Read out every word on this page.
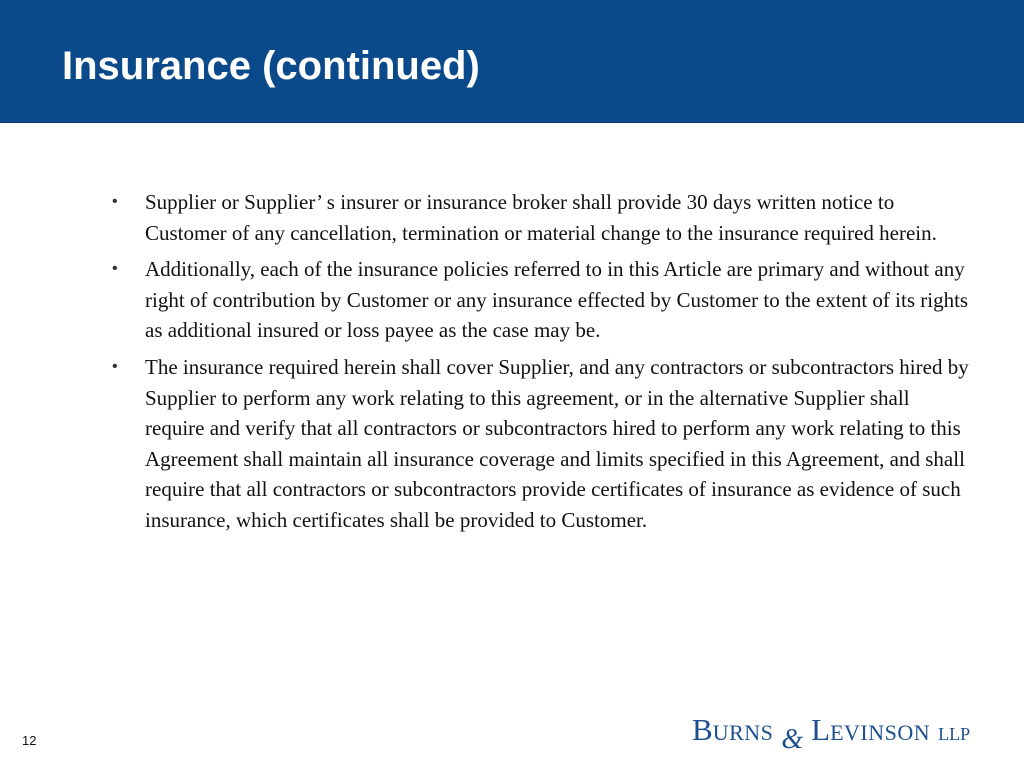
Insurance (continued)
• Supplier or Supplier’ s insurer or insurance broker shall provide 30 days written notice to Customer of any cancellation, termination or material change to the insurance required herein.
• Additionally, each of the insurance policies referred to in this Article are primary and without any right of contribution by Customer or any insurance effected by Customer to the extent of its rights as additional insured or loss payee as the case may be.
• The insurance required herein shall cover Supplier, and any contractors or subcontractors hired by Supplier to perform any work relating to this agreement, or in the alternative Supplier shall require and verify that all contractors or subcontractors hired to perform any work relating to this Agreement shall maintain all insurance coverage and limits specified in this Agreement, and shall require that all contractors or subcontractors provide certificates of insurance as evidence of such insurance, which certificates shall be provided to Customer.
12	B URNS & L EVINSON LLP
